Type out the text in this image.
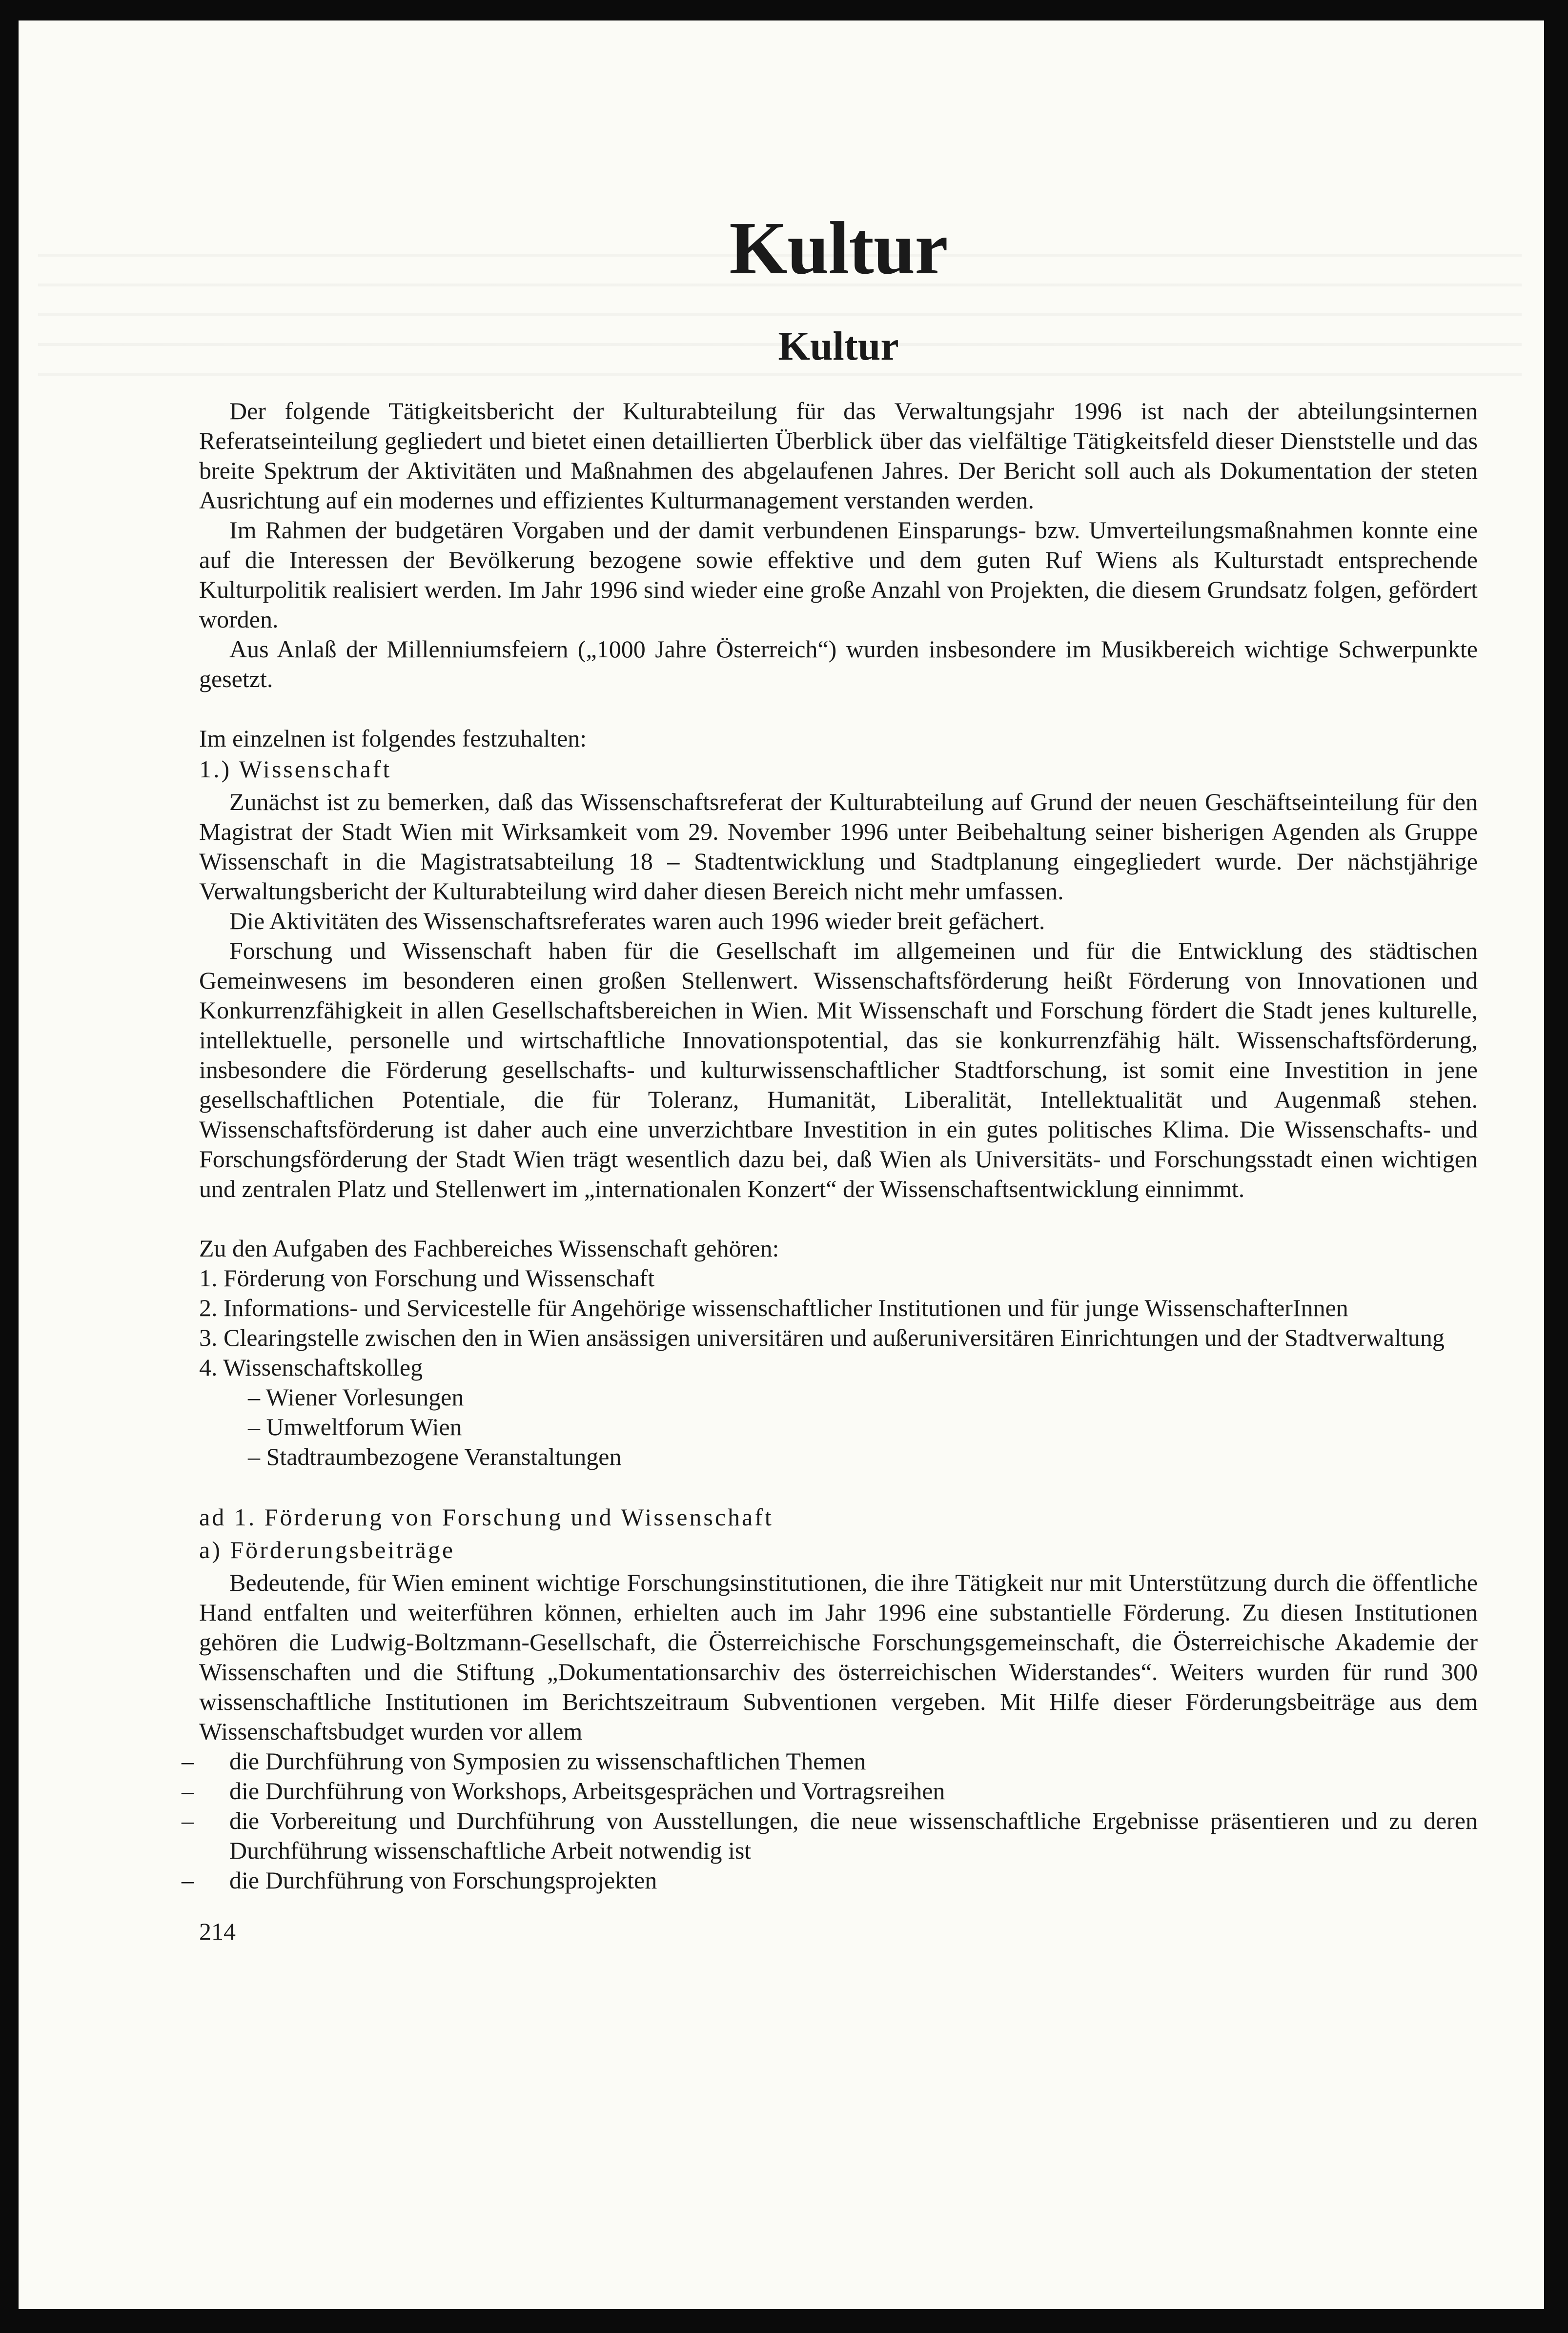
Kultur
Kultur

Der folgende Tätigkeitsbericht der Kulturabteilung für das Verwaltungsjahr 1996 ist nach der abteilungsinternen Referatseinteilung gegliedert und bietet einen detaillierten Überblick über das vielfältige Tätigkeitsfeld dieser Dienststelle und das breite Spektrum der Aktivitäten und Maßnahmen des abgelaufenen Jahres. Der Bericht soll auch als Dokumentation der steten Ausrichtung auf ein modernes und effizientes Kulturmanagement verstanden werden.

Im Rahmen der budgetären Vorgaben und der damit verbundenen Einsparungs- bzw. Umverteilungsmaßnahmen konnte eine auf die Interessen der Bevölkerung bezogene sowie effektive und dem guten Ruf Wiens als Kulturstadt entsprechende Kulturpolitik realisiert werden. Im Jahr 1996 sind wieder eine große Anzahl von Projekten, die diesem Grundsatz folgen, gefördert worden.

Aus Anlaß der Millenniumsfeiern („1000 Jahre Österreich“) wurden insbesondere im Musikbereich wichtige Schwerpunkte gesetzt.

Im einzelnen ist folgendes festzuhalten:

1.) Wissenschaft

Zunächst ist zu bemerken, daß das Wissenschaftsreferat der Kulturabteilung auf Grund der neuen Geschäftseinteilung für den Magistrat der Stadt Wien mit Wirksamkeit vom 29. November 1996 unter Beibehaltung seiner bisherigen Agenden als Gruppe Wissenschaft in die Magistratsabteilung 18 – Stadtentwicklung und Stadtplanung eingegliedert wurde. Der nächstjährige Verwaltungsbericht der Kulturabteilung wird daher diesen Bereich nicht mehr umfassen.

Die Aktivitäten des Wissenschaftsreferates waren auch 1996 wieder breit gefächert.

Forschung und Wissenschaft haben für die Gesellschaft im allgemeinen und für die Entwicklung des städtischen Gemeinwesens im besonderen einen großen Stellenwert. Wissenschaftsförderung heißt Förderung von Innovationen und Konkurrenzfähigkeit in allen Gesellschaftsbereichen in Wien. Mit Wissenschaft und Forschung fördert die Stadt jenes kulturelle, intellektuelle, personelle und wirtschaftliche Innovationspotential, das sie konkurrenzfähig hält. Wissenschaftsförderung, insbesondere die Förderung gesellschafts- und kulturwissenschaftlicher Stadtforschung, ist somit eine Investition in jene gesellschaftlichen Potentiale, die für Toleranz, Humanität, Liberalität, Intellektualität und Augenmaß stehen. Wissenschaftsförderung ist daher auch eine unverzichtbare Investition in ein gutes politisches Klima. Die Wissenschafts- und Forschungsförderung der Stadt Wien trägt wesentlich dazu bei, daß Wien als Universitäts- und Forschungsstadt einen wichtigen und zentralen Platz und Stellenwert im „internationalen Konzert“ der Wissenschaftsentwicklung einnimmt.

Zu den Aufgaben des Fachbereiches Wissenschaft gehören:

1. Förderung von Forschung und Wissenschaft
2. Informations- und Servicestelle für Angehörige wissenschaftlicher Institutionen und für junge WissenschafterInnen
3. Clearingstelle zwischen den in Wien ansässigen universitären und außeruniversitären Einrichtungen und der Stadtverwaltung
4. Wissenschaftskolleg
– Wiener Vorlesungen
– Umweltforum Wien
– Stadtraumbezogene Veranstaltungen

ad 1. Förderung von Forschung und Wissenschaft

a) Förderungsbeiträge

Bedeutende, für Wien eminent wichtige Forschungsinstitutionen, die ihre Tätigkeit nur mit Unterstützung durch die öffentliche Hand entfalten und weiterführen können, erhielten auch im Jahr 1996 eine substantielle Förderung. Zu diesen Institutionen gehören die Ludwig-Boltzmann-Gesellschaft, die Österreichische Forschungsgemeinschaft, die Österreichische Akademie der Wissenschaften und die Stiftung „Dokumentationsarchiv des österreichischen Widerstandes“. Weiters wurden für rund 300 wissenschaftliche Institutionen im Berichtszeitraum Subventionen vergeben. Mit Hilfe dieser Förderungsbeiträge aus dem Wissenschaftsbudget wurden vor allem

– die Durchführung von Symposien zu wissenschaftlichen Themen
– die Durchführung von Workshops, Arbeitsgesprächen und Vortragsreihen
– die Vorbereitung und Durchführung von Ausstellungen, die neue wissenschaftliche Ergebnisse präsentieren und zu deren Durchführung wissenschaftliche Arbeit notwendig ist
– die Durchführung von Forschungsprojekten

214
